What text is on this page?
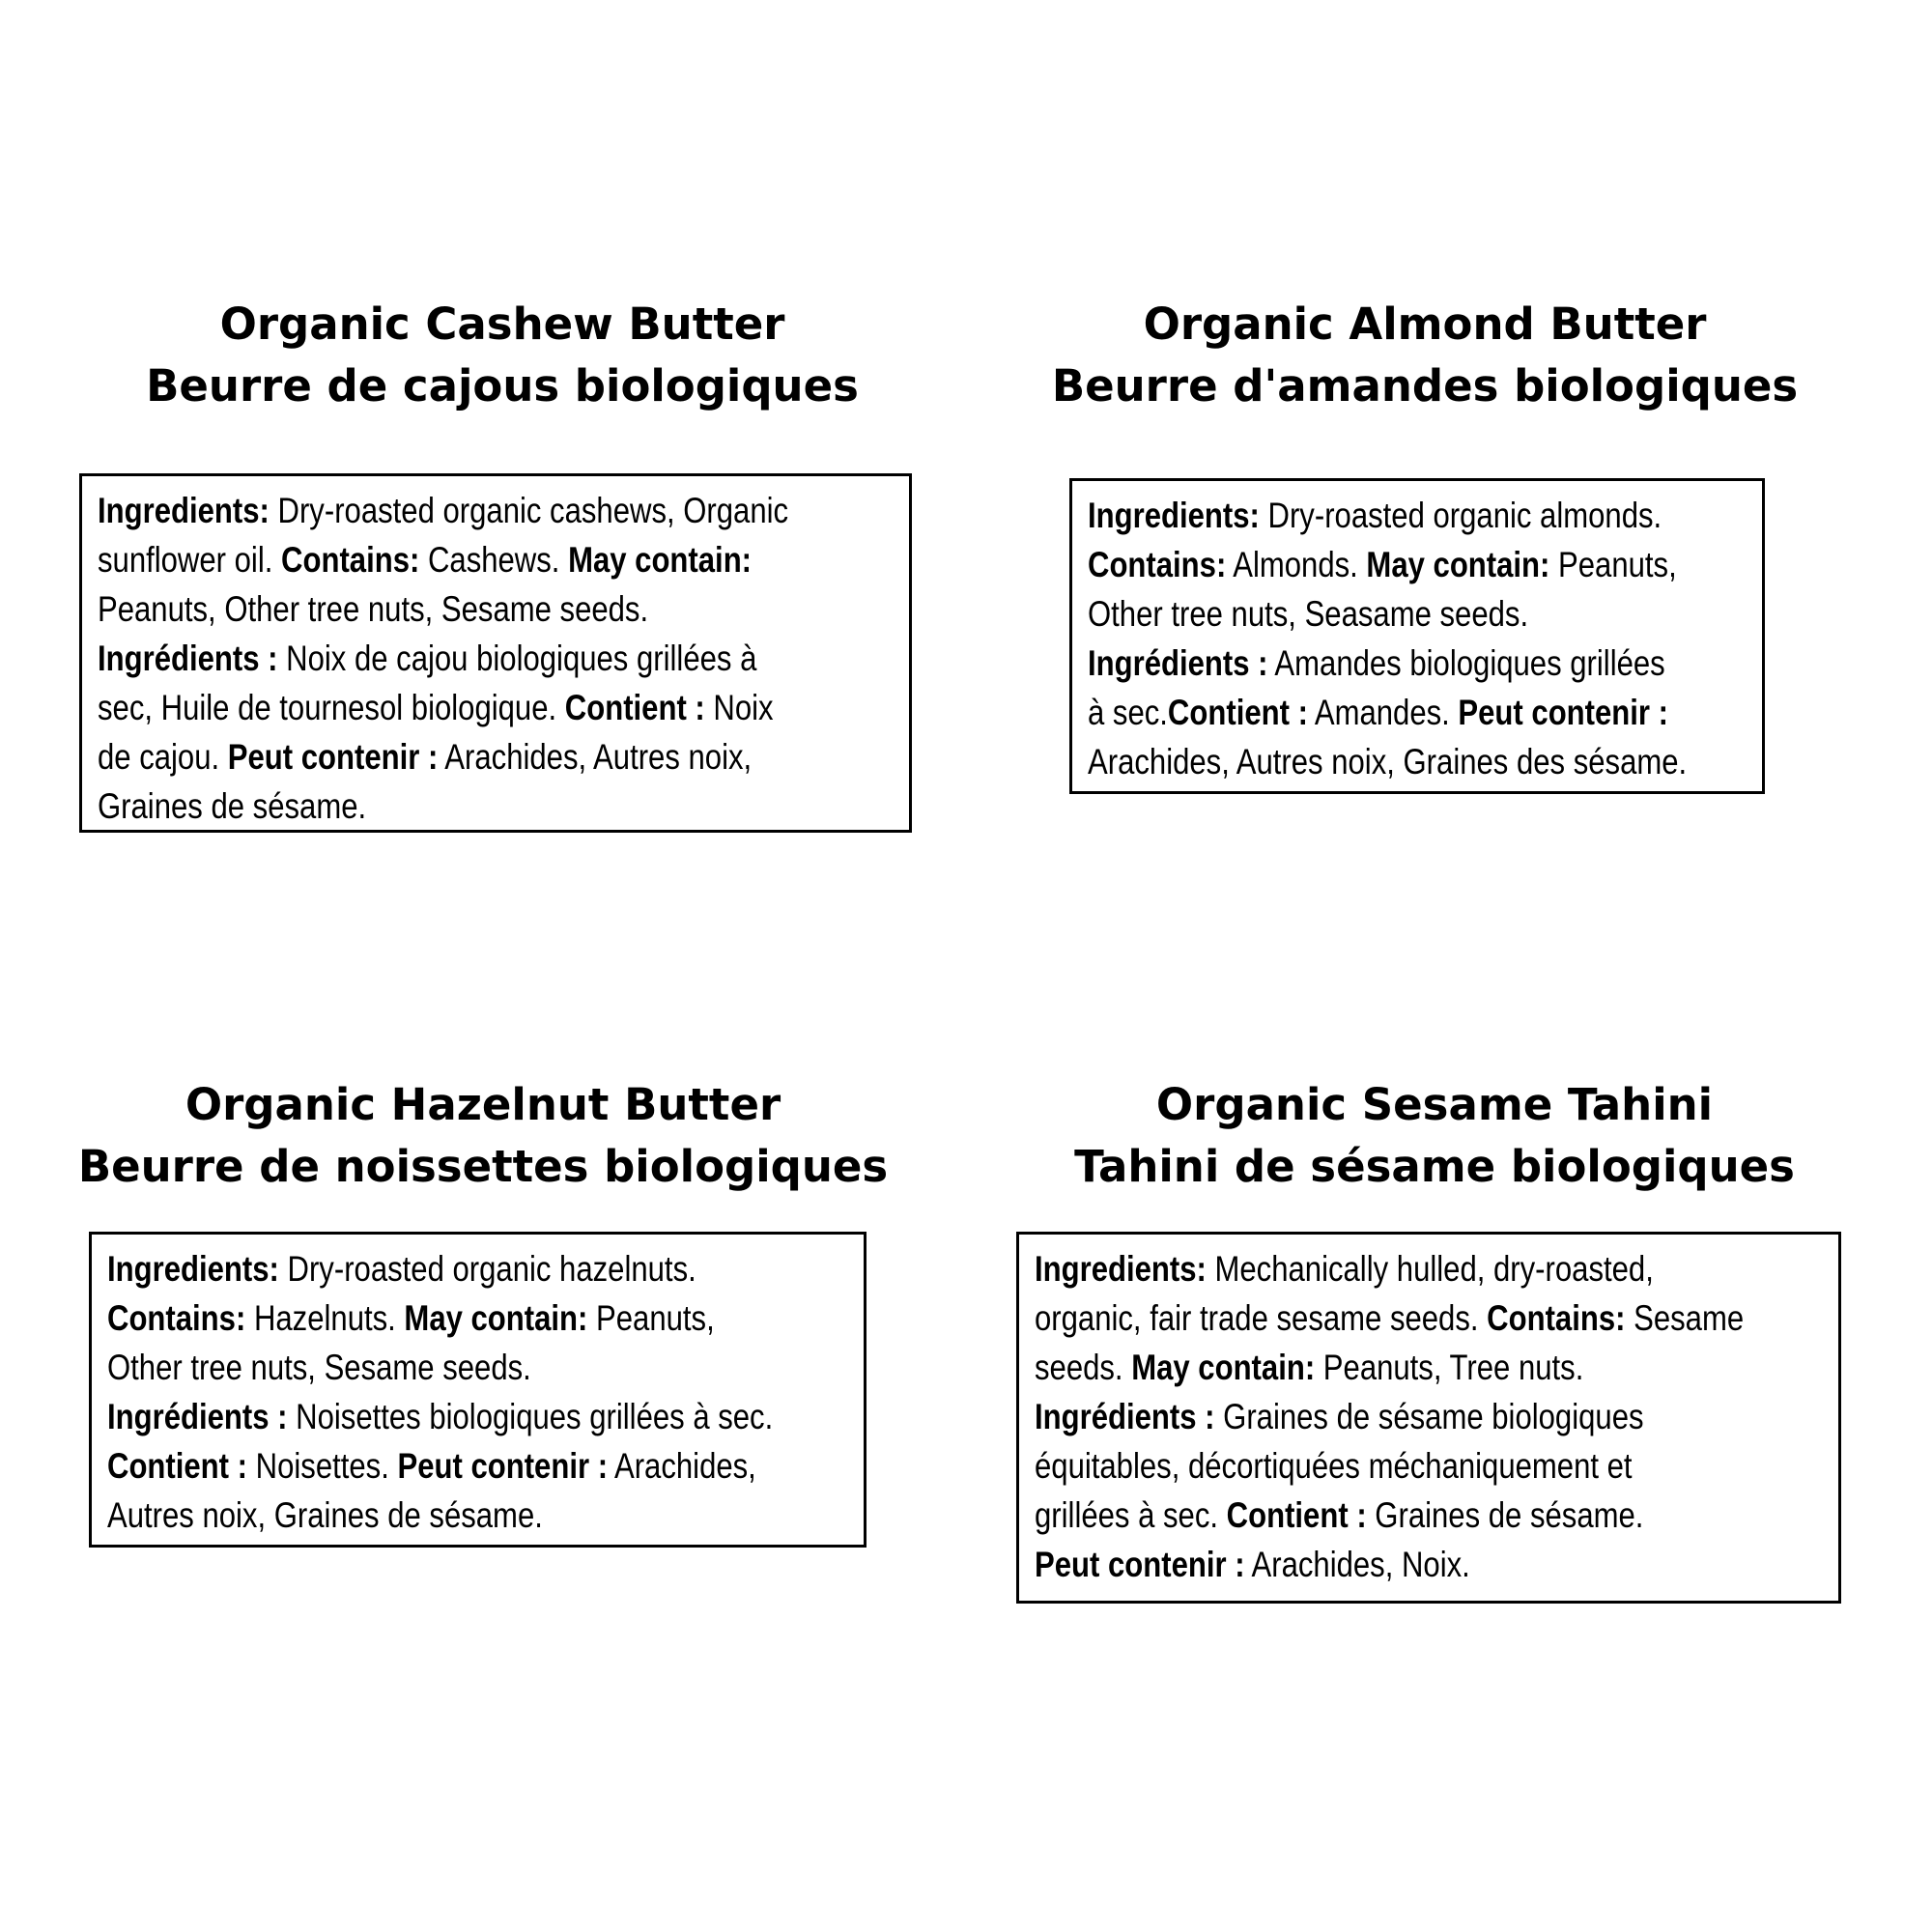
Organic Cashew Butter
Beurre de cajous biologiques
Ingredients: Dry-roasted organic cashews, Organic
sunflower oil. Contains: Cashews. May contain:
Peanuts, Other tree nuts, Sesame seeds.
Ingrédients : Noix de cajou biologiques grillées à
sec, Huile de tournesol biologique. Contient : Noix
de cajou. Peut contenir : Arachides, Autres noix,
Graines de sésame.
Organic Almond Butter
Beurre d'amandes biologiques
Ingredients: Dry-roasted organic almonds.
Contains: Almonds. May contain: Peanuts,
Other tree nuts, Seasame seeds.
Ingrédients : Amandes biologiques grillées
à sec.Contient : Amandes. Peut contenir :
Arachides, Autres noix, Graines des sésame.
Organic Hazelnut Butter
Beurre de noissettes biologiques
Ingredients: Dry-roasted organic hazelnuts.
Contains: Hazelnuts. May contain: Peanuts,
Other tree nuts, Sesame seeds.
Ingrédients : Noisettes biologiques grillées à sec.
Contient : Noisettes. Peut contenir : Arachides,
Autres noix, Graines de sésame.
Organic Sesame Tahini
Tahini de sésame biologiques
Ingredients: Mechanically hulled, dry-roasted,
organic, fair trade sesame seeds. Contains: Sesame
seeds. May contain: Peanuts, Tree nuts.
Ingrédients : Graines de sésame biologiques
équitables, décortiquées méchaniquement et
grillées à sec. Contient : Graines de sésame.
Peut contenir : Arachides, Noix.
